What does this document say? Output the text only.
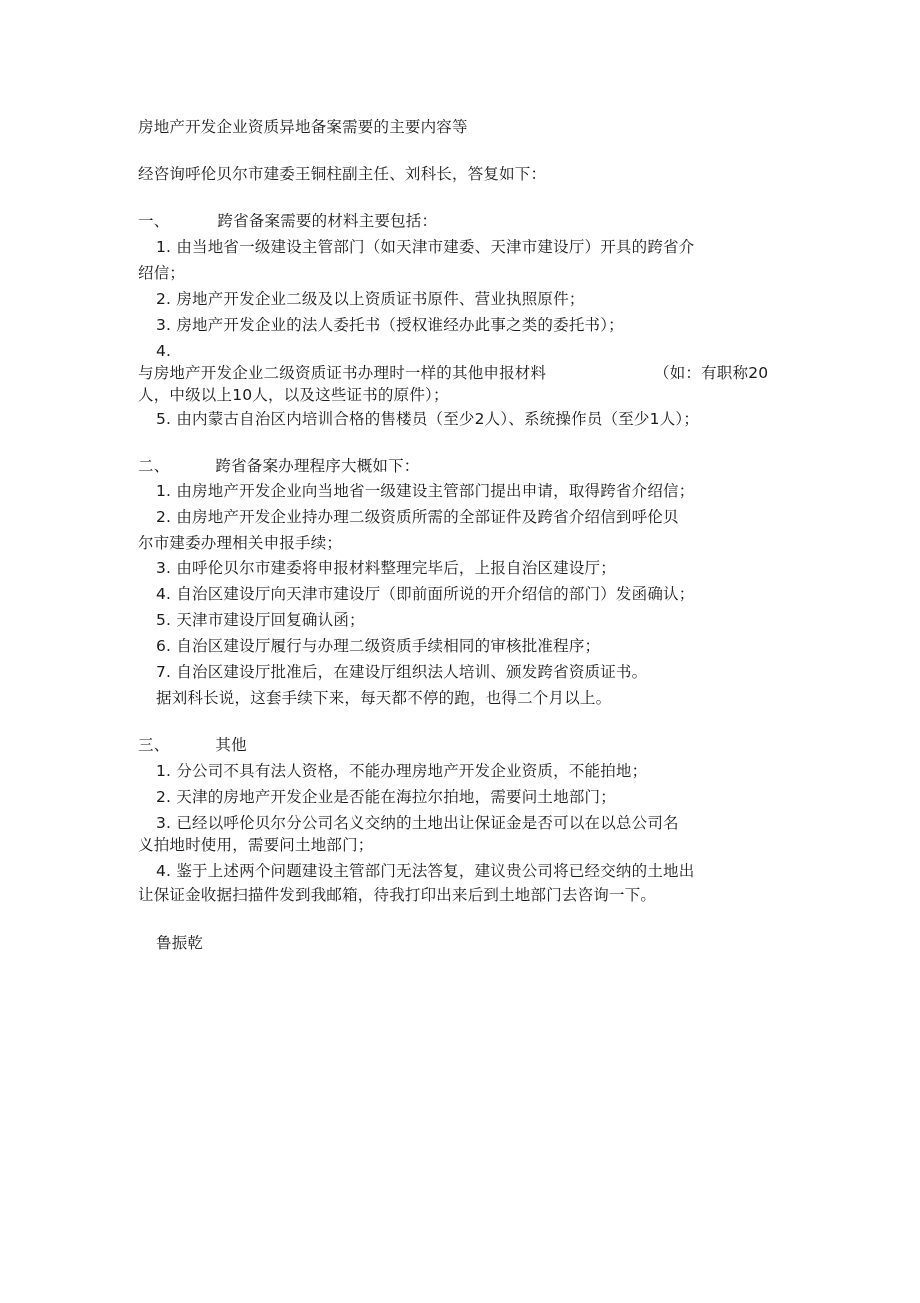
房地产开发企业资质异地备案需要的主要内容等
经咨询呼伦贝尔市建委王铜柱副主任、刘科长，答复如下：
一、	跨省备案需要的材料主要包括：
1. 由当地省一级建设主管部门（如天津市建委、天津市建设厅）开具的跨省介
绍信；
2. 房地产开发企业二级及以上资质证书原件、营业执照原件；
3. 房地产开发企业的法人委托书（授权谁经办此事之类的委托书）；
4.
与房地产开发企业二级资质证书办理时一样的其他申报材料	（如：有职称20
人，中级以上10人，以及这些证书的原件）；
5. 由内蒙古自治区内培训合格的售楼员（至少2人）、系统操作员（至少1人）；
二、	跨省备案办理程序大概如下：
1. 由房地产开发企业向当地省一级建设主管部门提出申请，取得跨省介绍信；
2. 由房地产开发企业持办理二级资质所需的全部证件及跨省介绍信到呼伦贝
尔市建委办理相关申报手续；
3. 由呼伦贝尔市建委将申报材料整理完毕后，上报自治区建设厅；
4. 自治区建设厅向天津市建设厅（即前面所说的开介绍信的部门）发函确认；
5. 天津市建设厅回复确认函；
6. 自治区建设厅履行与办理二级资质手续相同的审核批准程序；
7. 自治区建设厅批准后，在建设厅组织法人培训、颁发跨省资质证书。
据刘科长说，这套手续下来，每天都不停的跑，也得二个月以上。
三、	其他
1. 分公司不具有法人资格，不能办理房地产开发企业资质，不能拍地；
2. 天津的房地产开发企业是否能在海拉尔拍地，需要问土地部门；
3. 已经以呼伦贝尔分公司名义交纳的土地出让保证金是否可以在以总公司名
义拍地时使用，需要问土地部门；
4. 鉴于上述两个问题建设主管部门无法答复，建议贵公司将已经交纳的土地出
让保证金收据扫描件发到我邮箱，待我打印出来后到土地部门去咨询一下。
鲁振乾
